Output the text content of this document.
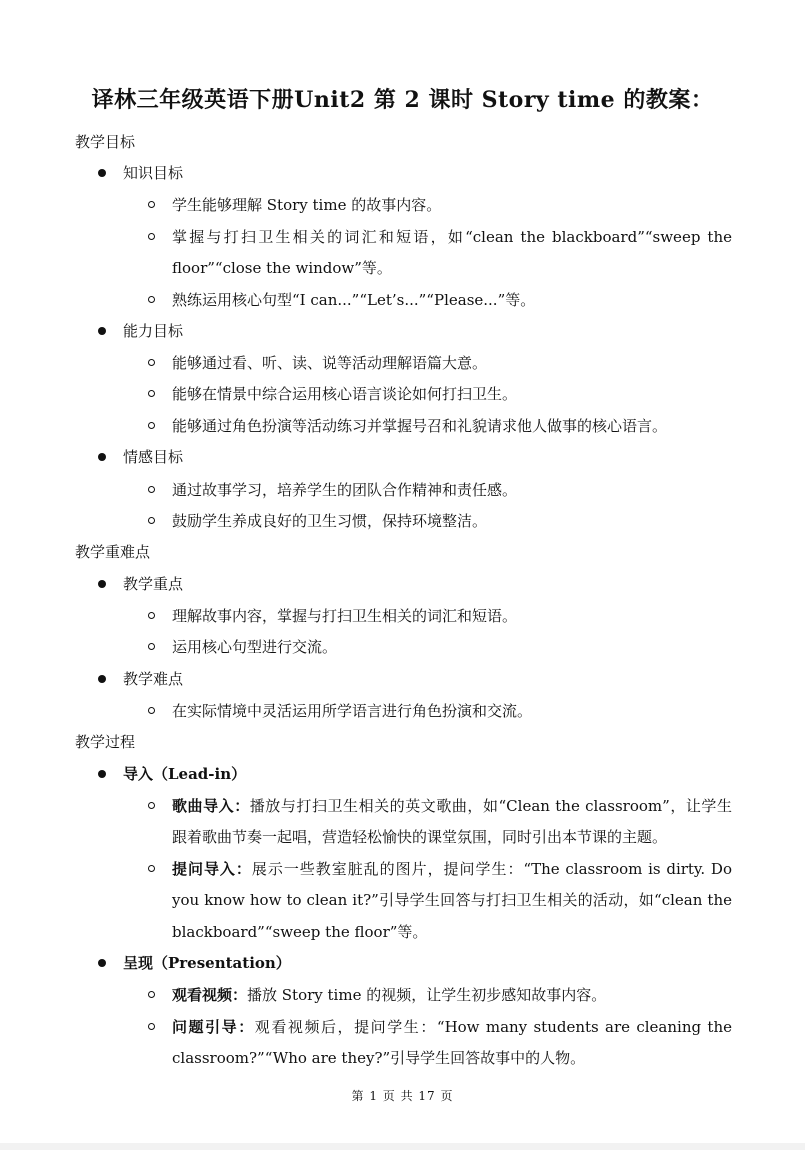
译林三年级英语下册Unit2 第 2 课时 Story time 的教案：
教学目标
知识目标
学生能够理解 Story time 的故事内容。
掌握与打扫卫生相关的词汇和短语，如“clean the blackboard”“sweep the
floor”“close the window”等。
熟练运用核心句型“I can...”“Let’s...”“Please...”等。
能力目标
能够通过看、听、读、说等活动理解语篇大意。
能够在情景中综合运用核心语言谈论如何打扫卫生。
能够通过角色扮演等活动练习并掌握号召和礼貌请求他人做事的核心语言。
情感目标
通过故事学习，培养学生的团队合作精神和责任感。
鼓励学生养成良好的卫生习惯，保持环境整洁。
教学重难点
教学重点
理解故事内容，掌握与打扫卫生相关的词汇和短语。
运用核心句型进行交流。
教学难点
在实际情境中灵活运用所学语言进行角色扮演和交流。
教学过程
导入（Lead-in）
歌曲导入：播放与打扫卫生相关的英文歌曲，如“Clean the classroom”，让学生
跟着歌曲节奏一起唱，营造轻松愉快的课堂氛围，同时引出本节课的主题。
提问导入：展示一些教室脏乱的图片，提问学生：“The classroom is dirty. Do
you know how to clean it?”引导学生回答与打扫卫生相关的活动，如“clean the
blackboard”“sweep the floor”等。
呈现（Presentation）
观看视频：播放 Story time 的视频，让学生初步感知故事内容。
问题引导：观看视频后，提问学生：“How many students are cleaning the
classroom?”“Who are they?”引导学生回答故事中的人物。
第 1 页 共 17 页
